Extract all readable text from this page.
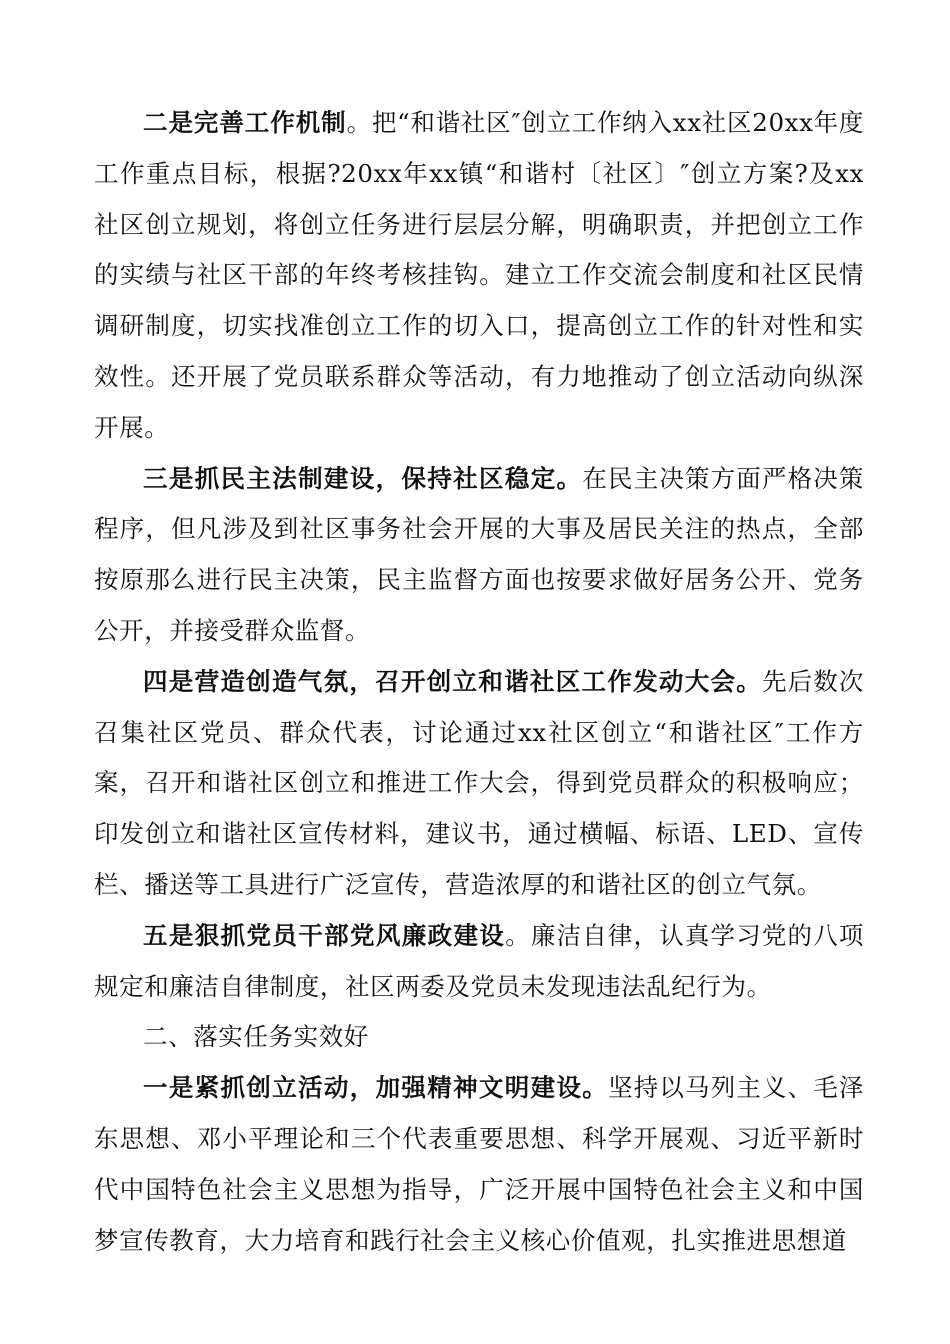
二是完善工作机制。把“和谐社区″创立工作纳入xx社区20xx年度工作重点目标，根据?20xx年xx镇“和谐村〔社区〕″创立方案?及xx社区创立规划，将创立任务进行层层分解，明确职责，并把创立工作的实绩与社区干部的年终考核挂钩。建立工作交流会制度和社区民情调研制度，切实找准创立工作的切入口，提高创立工作的针对性和实效性。还开展了党员联系群众等活动，有力地推动了创立活动向纵深开展。

三是抓民主法制建设，保持社区稳定。在民主决策方面严格决策程序，但凡涉及到社区事务社会开展的大事及居民关注的热点，全部按原那么进行民主决策，民主监督方面也按要求做好居务公开、党务公开，并接受群众监督。

四是营造创造气氛，召开创立和谐社区工作发动大会。先后数次召集社区党员、群众代表，讨论通过xx社区创立“和谐社区″工作方案，召开和谐社区创立和推进工作大会，得到党员群众的积极响应；印发创立和谐社区宣传材料，建议书，通过横幅、标语、LED、宣传栏、播送等工具进行广泛宣传，营造浓厚的和谐社区的创立气氛。

五是狠抓党员干部党风廉政建设。廉洁自律，认真学习党的八项规定和廉洁自律制度，社区两委及党员未发现违法乱纪行为。

二、落实任务实效好

一是紧抓创立活动，加强精神文明建设。坚持以马列主义、毛泽东思想、邓小平理论和三个代表重要思想、科学开展观、习近平新时代中国特色社会主义思想为指导，广泛开展中国特色社会主义和中国梦宣传教育，大力培育和践行社会主义核心价值观，扎实推进思想道
